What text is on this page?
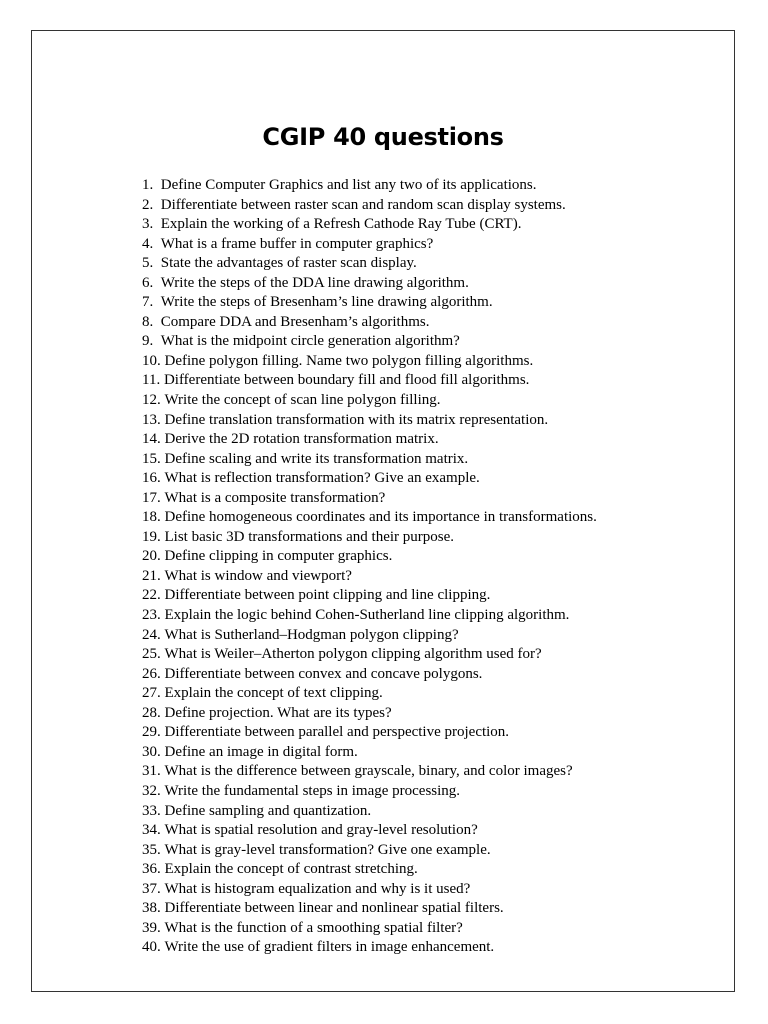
CGIP 40 questions
1. Define Computer Graphics and list any two of its applications.
2. Differentiate between raster scan and random scan display systems.
3. Explain the working of a Refresh Cathode Ray Tube (CRT).
4. What is a frame buffer in computer graphics?
5. State the advantages of raster scan display.
6. Write the steps of the DDA line drawing algorithm.
7. Write the steps of Bresenham’s line drawing algorithm.
8. Compare DDA and Bresenham’s algorithms.
9. What is the midpoint circle generation algorithm?
10. Define polygon filling. Name two polygon filling algorithms.
11. Differentiate between boundary fill and flood fill algorithms.
12. Write the concept of scan line polygon filling.
13. Define translation transformation with its matrix representation.
14. Derive the 2D rotation transformation matrix.
15. Define scaling and write its transformation matrix.
16. What is reflection transformation? Give an example.
17. What is a composite transformation?
18. Define homogeneous coordinates and its importance in transformations.
19. List basic 3D transformations and their purpose.
20. Define clipping in computer graphics.
21. What is window and viewport?
22. Differentiate between point clipping and line clipping.
23. Explain the logic behind Cohen-Sutherland line clipping algorithm.
24. What is Sutherland–Hodgman polygon clipping?
25. What is Weiler–Atherton polygon clipping algorithm used for?
26. Differentiate between convex and concave polygons.
27. Explain the concept of text clipping.
28. Define projection. What are its types?
29. Differentiate between parallel and perspective projection.
30. Define an image in digital form.
31. What is the difference between grayscale, binary, and color images?
32. Write the fundamental steps in image processing.
33. Define sampling and quantization.
34. What is spatial resolution and gray-level resolution?
35. What is gray-level transformation? Give one example.
36. Explain the concept of contrast stretching.
37. What is histogram equalization and why is it used?
38. Differentiate between linear and nonlinear spatial filters.
39. What is the function of a smoothing spatial filter?
40. Write the use of gradient filters in image enhancement.
